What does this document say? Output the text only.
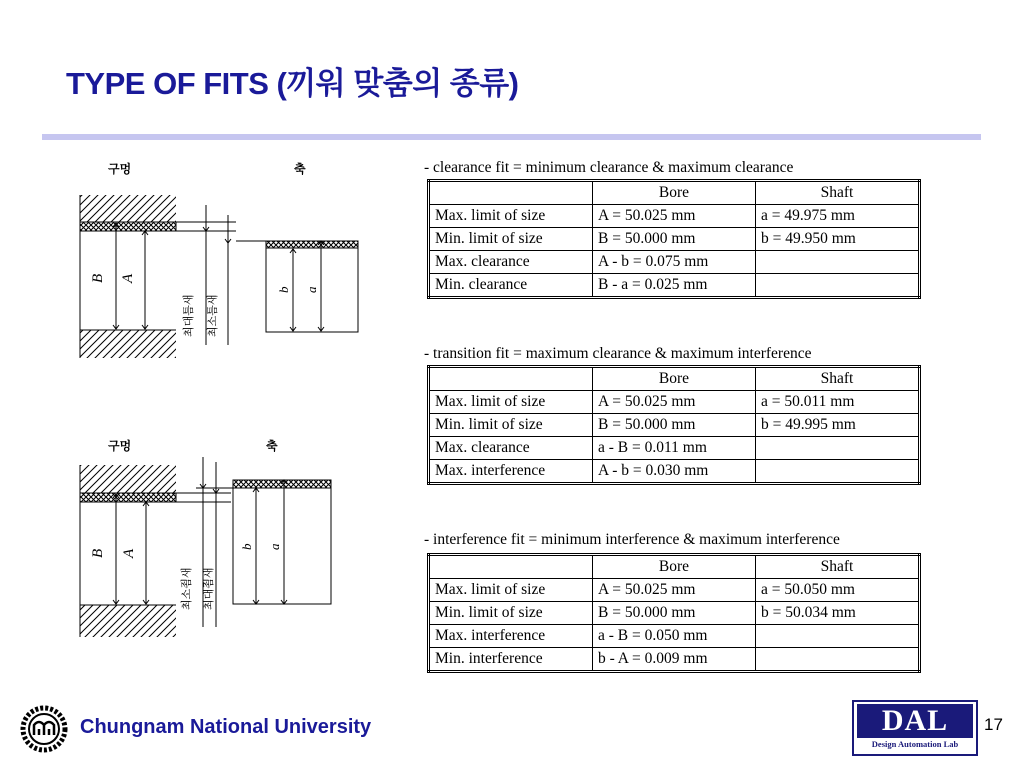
TYPE OF FITS (끼워 맞춤의 종류)
구멍	축
B A
최대틈새 최소틈새
b a
구멍	축
B A
최소죔새 최대죔새
b a
- clearance fit = minimum clearance & maximum clearance
	Bore	Shaft
Max. limit of size	A = 50.025 mm	a = 49.975 mm
Min. limit of size	B = 50.000 mm	b = 49.950 mm
Max. clearance	A - b = 0.075 mm	
Min. clearance	B - a = 0.025 mm	
- transition fit = maximum clearance & maximum interference
	Bore	Shaft
Max. limit of size	A = 50.025 mm	a = 50.011 mm
Min. limit of size	B = 50.000 mm	b = 49.995 mm
Max. clearance	a - B = 0.011 mm	
Max. interference	A - b = 0.030 mm	
- interference fit = minimum interference & maximum interference
	Bore	Shaft
Max. limit of size	A = 50.025 mm	a = 50.050 mm
Min. limit of size	B = 50.000 mm	b = 50.034 mm
Max. interference	a - B = 0.050 mm	
Min. interference	b - A = 0.009 mm	
Chungnam National University	DAL
Design Automation Lab
17
